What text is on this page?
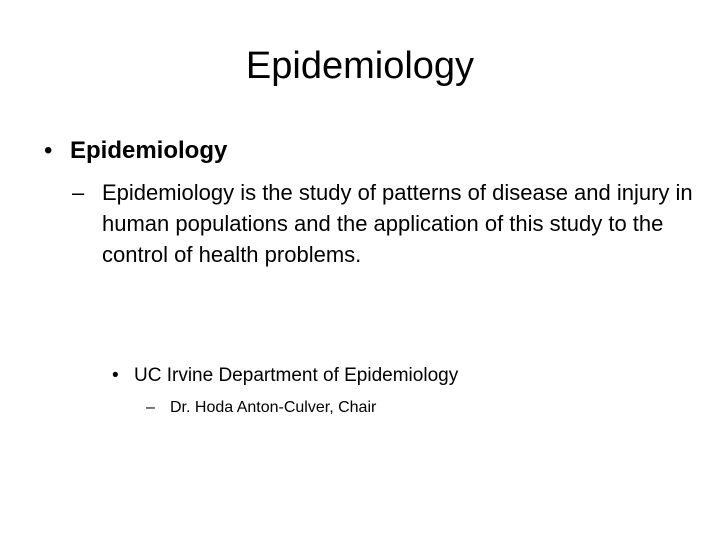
Epidemiology
• Epidemiology
– Epidemiology is the study of patterns of disease and injury in human populations and the application of this study to the control of health problems.
• UC Irvine Department of Epidemiology
– Dr. Hoda Anton-Culver, Chair
